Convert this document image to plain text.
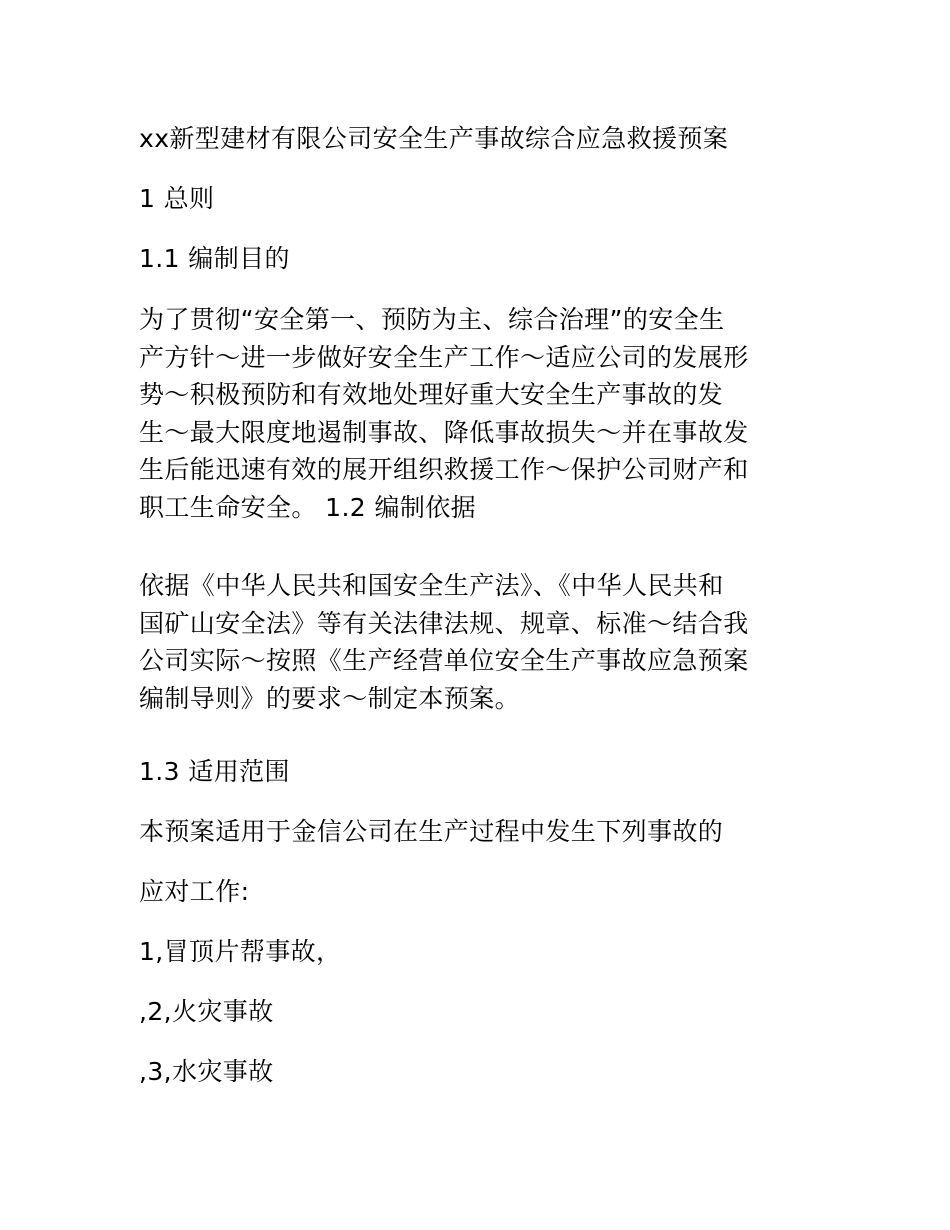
xx新型建材有限公司安全生产事故综合应急救援预案
1 总则
1.1 编制目的
为了贯彻“安全第一、预防为主、综合治理”的安全生
产方针～进一步做好安全生产工作～适应公司的发展形
势～积极预防和有效地处理好重大安全生产事故的发
生～最大限度地遏制事故、降低事故损失～并在事故发
生后能迅速有效的展开组织救援工作～保护公司财产和
职工生命安全。 1.2 编制依据
依据《中华人民共和国安全生产法》、《中华人民共和
国矿山安全法》等有关法律法规、规章、标准～结合我
公司实际～按照《生产经营单位安全生产事故应急预案
编制导则》的要求～制定本预案。
1.3 适用范围
本预案适用于金信公司在生产过程中发生下列事故的
应对工作:
1,冒顶片帮事故，
,2,火灾事故
,3,水灾事故
